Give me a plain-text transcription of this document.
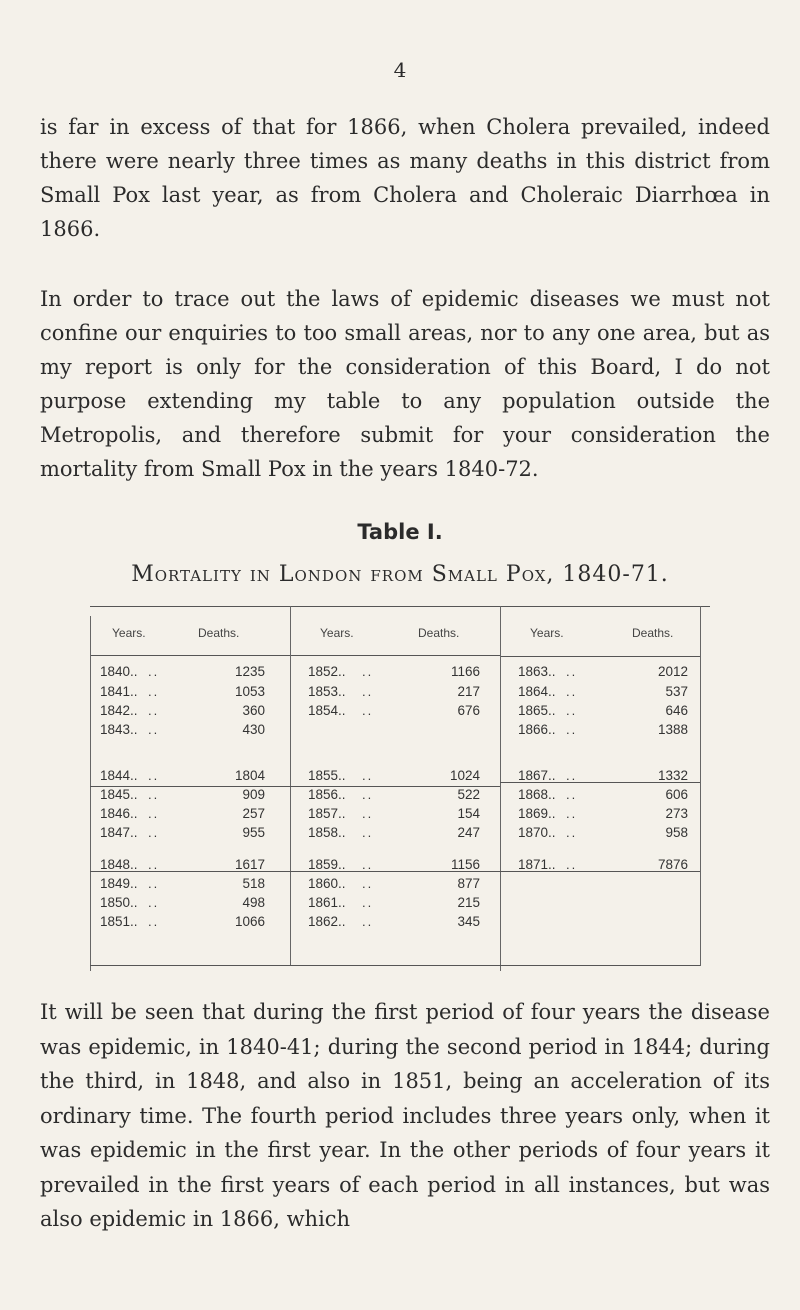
4

is far in excess of that for 1866, when Cholera prevailed, indeed there were nearly three times as many deaths in this district from Small Pox last year, as from Cholera and Choleraic Diarrhœa in 1866.

In order to trace out the laws of epidemic diseases we must not confine our enquiries to too small areas, nor to any one area, but as my report is only for the consideration of this Board, I do not purpose extending my table to any population outside the Metropolis, and therefore submit for your consideration the mortality from Small Pox in the years 1840-72.

Table I.
Mortality in London from Small Pox, 1840-71.
Years.	Deaths.	Years.	Deaths.	Years.	Deaths.
1840.. ..	1235
1841.. ..	1053
1842.. ..	360
1843.. ..	430
1844.. ..	1804
1845.. ..	909
1846.. ..	257
1847.. ..	955
1848.. ..	1617
1849.. ..	518
1850.. ..	498
1851.. ..	1066
1852.. ..	1166
1853.. ..	217
1854.. ..	676
1855.. ..	1024
1856.. ..	522
1857.. ..	154
1858.. ..	247
1859.. ..	1156
1860.. ..	877
1861.. ..	215
1862.. ..	345
1863.. ..	2012
1864.. ..	537
1865.. ..	646
1866.. ..	1388
1867.. ..	1332
1868.. ..	606
1869.. ..	273
1870.. ..	958
1871.. ..	7876

It will be seen that during the first period of four years the disease was epidemic, in 1840-41; during the second period in 1844; during the third, in 1848, and also in 1851, being an acceleration of its ordinary time. The fourth period includes three years only, when it was epidemic in the first year. In the other periods of four years it prevailed in the first years of each period in all instances, but was also epidemic in 1866, which
